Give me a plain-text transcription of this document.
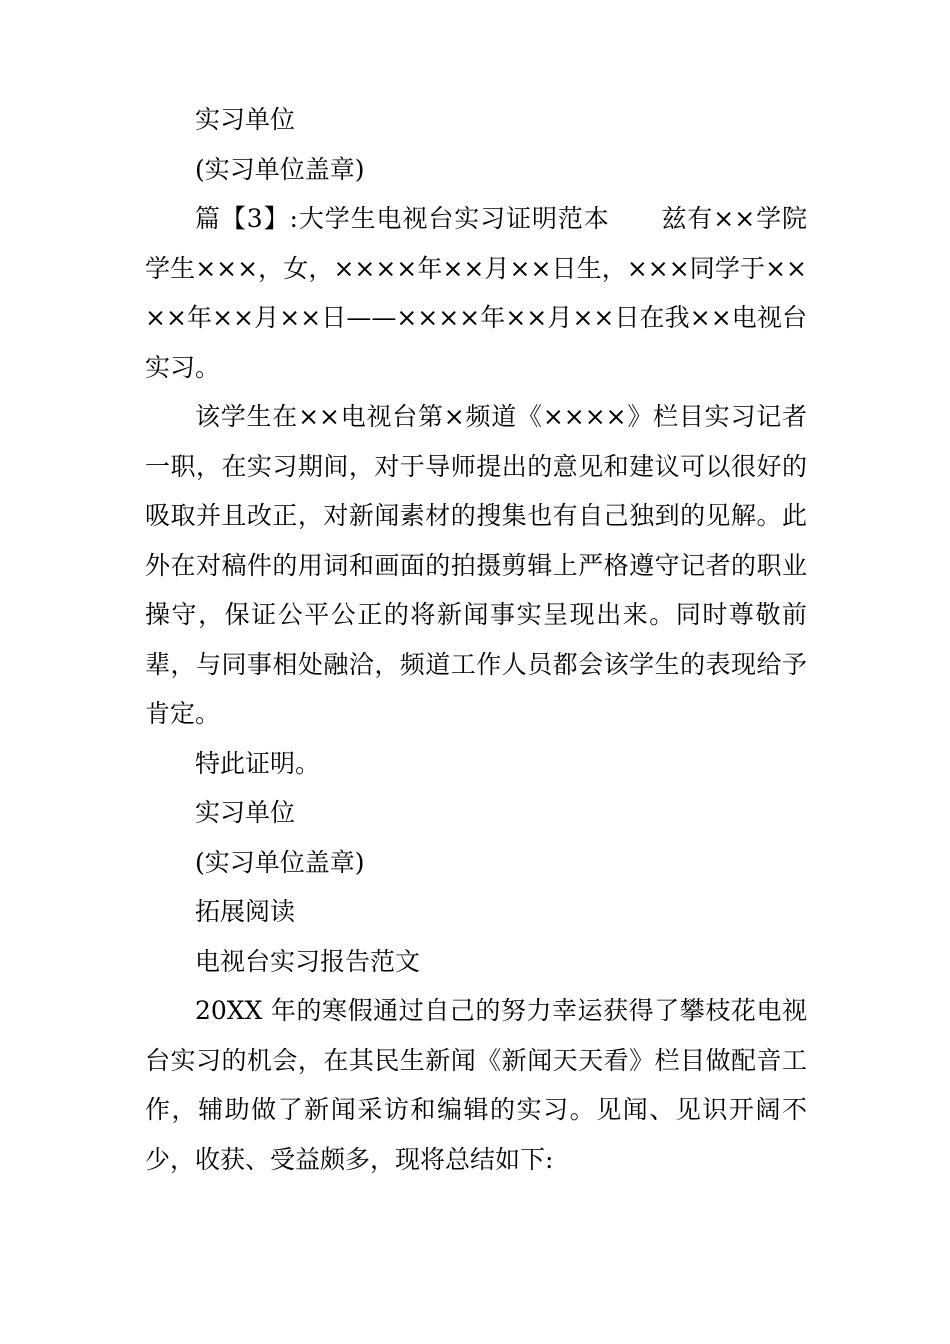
实习单位
(实习单位盖章)

篇【3】:大学生电视台实习证明范本　　兹有××学院学生×××，女，××××年××月××日生，×××同学于××××年××月××日——××××年××月××日在我××电视台实习。

该学生在××电视台第×频道《××××》栏目实习记者一职，在实习期间，对于导师提出的意见和建议可以很好的吸取并且改正，对新闻素材的搜集也有自己独到的见解。此外在对稿件的用词和画面的拍摄剪辑上严格遵守记者的职业操守，保证公平公正的将新闻事实呈现出来。同时尊敬前辈，与同事相处融洽，频道工作人员都会该学生的表现给予肯定。

特此证明。
实习单位
(实习单位盖章)
拓展阅读
电视台实习报告范文

20XX 年的寒假通过自己的努力幸运获得了攀枝花电视台实习的机会，在其民生新闻《新闻天天看》栏目做配音工作，辅助做了新闻采访和编辑的实习。见闻、见识开阔不少，收获、受益颇多，现将总结如下:
